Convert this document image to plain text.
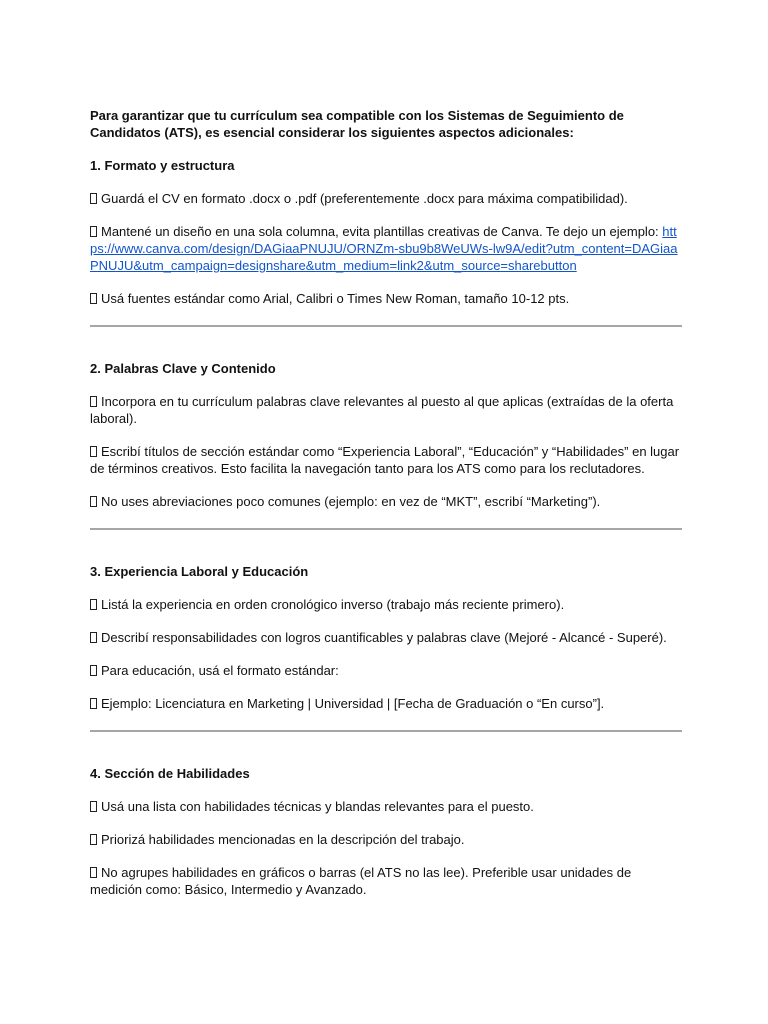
Para garantizar que tu currículum sea compatible con los Sistemas de Seguimiento de Candidatos (ATS), es esencial considerar los siguientes aspectos adicionales:

1. Formato y estructura

Guardá el CV en formato .docx o .pdf (preferentemente .docx para máxima compatibilidad).

Mantené un diseño en una sola columna, evita plantillas creativas de Canva. Te dejo un ejemplo: https://www.canva.com/design/DAGiaaPNUJU/ORNZm-sbu9b8WeUWs-lw9A/edit?utm_content=DAGiaaPNUJU&utm_campaign=designshare&utm_medium=link2&utm_source=sharebutton

Usá fuentes estándar como Arial, Calibri o Times New Roman, tamaño 10-12 pts.

2. Palabras Clave y Contenido

Incorpora en tu currículum palabras clave relevantes al puesto al que aplicas (extraídas de la oferta laboral).

Escribí títulos de sección estándar como “Experiencia Laboral”, “Educación” y “Habilidades” en lugar de términos creativos. Esto facilita la navegación tanto para los ATS como para los reclutadores.

No uses abreviaciones poco comunes (ejemplo: en vez de “MKT”, escribí “Marketing”).

3. Experiencia Laboral y Educación

Listá la experiencia en orden cronológico inverso (trabajo más reciente primero).

Describí responsabilidades con logros cuantificables y palabras clave (Mejoré - Alcancé - Superé).

Para educación, usá el formato estándar:

Ejemplo: Licenciatura en Marketing | Universidad | [Fecha de Graduación o “En curso”].

4. Sección de Habilidades

Usá una lista con habilidades técnicas y blandas relevantes para el puesto.

Priorizá habilidades mencionadas en la descripción del trabajo.

No agrupes habilidades en gráficos o barras (el ATS no las lee). Preferible usar unidades de medición como: Básico, Intermedio y Avanzado.
